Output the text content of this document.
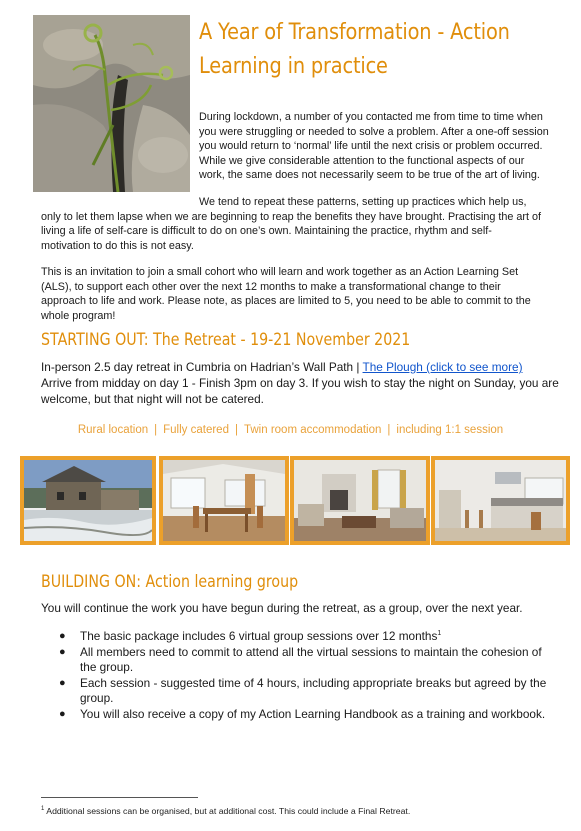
A Year of Transformation - Action
Learning in practice

During lockdown, a number of you contacted me from time to time when you were struggling or needed to solve a problem. After a one-off session you would return to ‘normal’ life until the next crisis or problem occurred. While we give considerable attention to the functional aspects of our work, the same does not necessarily seem to be true of the art of living.

We tend to repeat these patterns, setting up practices which help us, only to let them lapse when we are beginning to reap the benefits they have brought. Practising the art of living a life of self-care is difficult to do on one’s own. Maintaining the practice, rhythm and self-motivation to do this is not easy.

This is an invitation to join a small cohort who will learn and work together as an Action Learning Set (ALS), to support each other over the next 12 months to make a transformational change to their approach to life and work. Please note, as places are limited to 5, you need to be able to commit to the whole program!

STARTING OUT: The Retreat - 19-21 November 2021

In-person 2.5 day retreat in Cumbria on Hadrian’s Wall Path | The Plough (click to see more)
Arrive from midday on day 1 - Finish 3pm on day 3. If you wish to stay the night on Sunday, you are welcome, but that night will not be catered.

Rural location | Fully catered | Twin room accommodation | including 1:1 session

BUILDING ON: Action learning group

You will continue the work you have begun during the retreat, as a group, over the next year.

● The basic package includes 6 virtual group sessions over 12 months$^1$
● All members need to commit to attend all the virtual sessions to maintain the cohesion of the group.
● Each session - suggested time of 4 hours, including appropriate breaks but agreed by the group.
● You will also receive a copy of my Action Learning Handbook as a training and workbook.

$^1$ Additional sessions can be organised, but at additional cost. This could include a Final Retreat.
